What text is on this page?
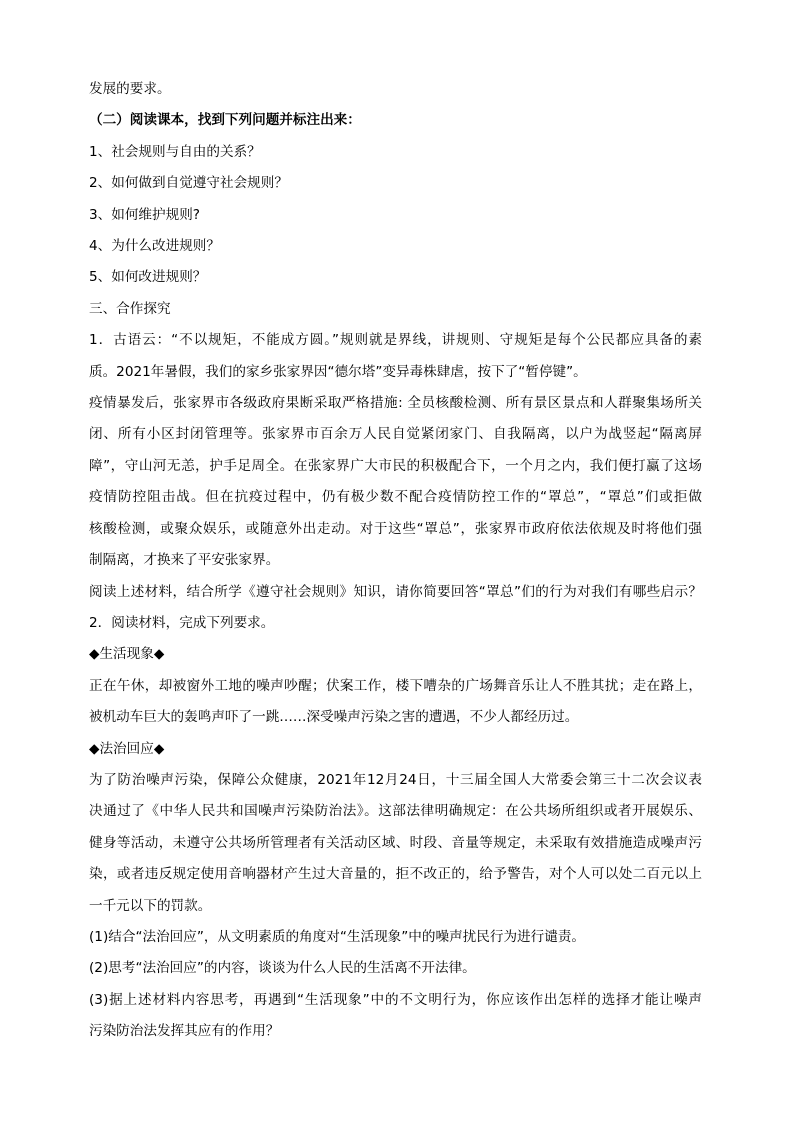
发展的要求。

（二）阅读课本，找到下列问题并标注出来：

1、社会规则与自由的关系？

2、如何做到自觉遵守社会规则？

3、如何维护规则?

4、为什么改进规则？

5、如何改进规则？

三、合作探究

1．古语云：“不以规矩，不能成方圆。”规则就是界线，讲规则、守规矩是每个公民都应具备的素

质。2021年暑假，我们的家乡张家界因“德尔塔”变异毒株肆虐，按下了“暂停键”。

疫情暴发后，张家界市各级政府果断采取严格措施: 全员核酸检测、所有景区景点和人群聚集场所关

闭、所有小区封闭管理等。张家界市百余万人民自觉紧闭家门、自我隔离，以户为战竖起“隔离屏

障”，守山河无恙，护手足周全。在张家界广大市民的积极配合下，一个月之内，我们便打赢了这场

疫情防控阻击战。但在抗疫过程中，仍有极少数不配合疫情防控工作的“罩总”，“罩总”们或拒做

核酸检测，或聚众娱乐，或随意外出走动。对于这些“罩总”，张家界市政府依法依规及时将他们强

制隔离，才换来了平安张家界。

阅读上述材料，结合所学《遵守社会规则》知识，请你简要回答“罩总”们的行为对我们有哪些启示？

2．阅读材料，完成下列要求。

◆生活现象◆

正在午休，却被窗外工地的噪声吵醒；伏案工作，楼下嘈杂的广场舞音乐让人不胜其扰；走在路上，

被机动车巨大的轰鸣声吓了一跳……深受噪声污染之害的遭遇，不少人都经历过。

◆法治回应◆

为了防治噪声污染，保障公众健康，2021年12月24日，十三届全国人大常委会第三十二次会议表

决通过了《中华人民共和国噪声污染防治法》。这部法律明确规定：在公共场所组织或者开展娱乐、

健身等活动，未遵守公共场所管理者有关活动区域、时段、音量等规定，未采取有效措施造成噪声污

染，或者违反规定使用音响器材产生过大音量的，拒不改正的，给予警告，对个人可以处二百元以上

一千元以下的罚款。

(1)结合“法治回应”，从文明素质的角度对“生活现象”中的噪声扰民行为进行谴责。

(2)思考“法治回应”的内容，谈谈为什么人民的生活离不开法律。

(3)据上述材料内容思考，再遇到“生活现象”中的不文明行为，你应该作出怎样的选择才能让噪声

污染防治法发挥其应有的作用？
